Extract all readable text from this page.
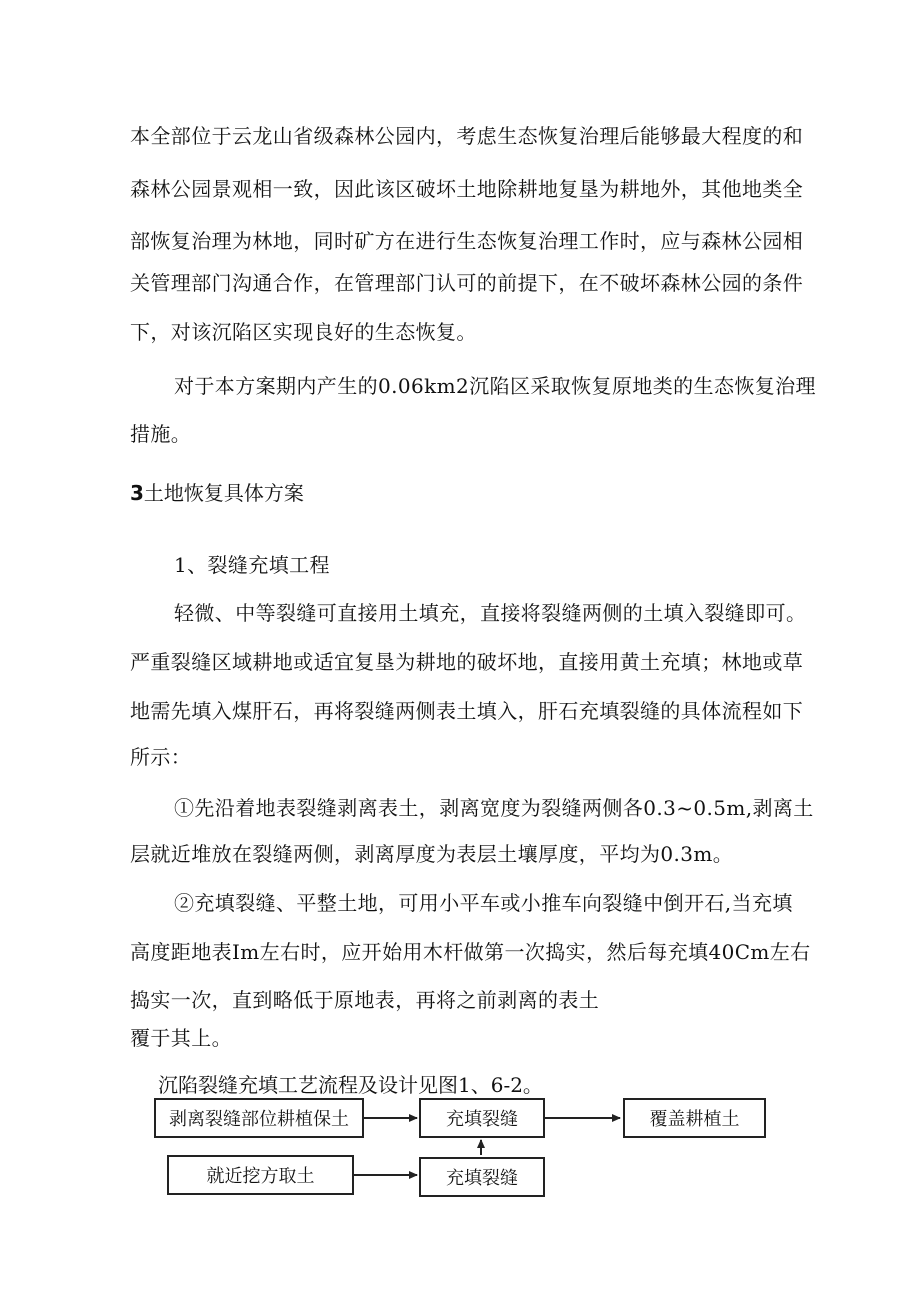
本全部位于云龙山省级森林公园内，考虑生态恢复治理后能够最大程度的和
森林公园景观相一致，因此该区破坏土地除耕地复垦为耕地外，其他地类全
部恢复治理为林地，同时矿方在进行生态恢复治理工作时，应与森林公园相
关管理部门沟通合作，在管理部门认可的前提下，在不破坏森林公园的条件
下，对该沉陷区实现良好的生态恢复。
对于本方案期内产生的0.06km2沉陷区采取恢复原地类的生态恢复治理
措施。
3土地恢复具体方案
1、裂缝充填工程
轻微、中等裂缝可直接用土填充，直接将裂缝两侧的土填入裂缝即可。
严重裂缝区域耕地或适宜复垦为耕地的破坏地，直接用黄土充填；林地或草
地需先填入煤肝石，再将裂缝两侧表土填入，肝石充填裂缝的具体流程如下
所示：
①先沿着地表裂缝剥离表土，剥离宽度为裂缝两侧各0.3~0.5m,剥离土
层就近堆放在裂缝两侧，剥离厚度为表层土壤厚度，平均为0.3m。
②充填裂缝、平整土地，可用小平车或小推车向裂缝中倒开石,当充填
高度距地表Im左右时，应开始用木杆做第一次捣实，然后每充填40Cm左右
捣实一次，直到略低于原地表，再将之前剥离的表土
覆于其上。
沉陷裂缝充填工艺流程及设计见图1、6-2。
剥离裂缝部位耕植保土	充填裂缝	覆盖耕植土
就近挖方取土	充填裂缝
